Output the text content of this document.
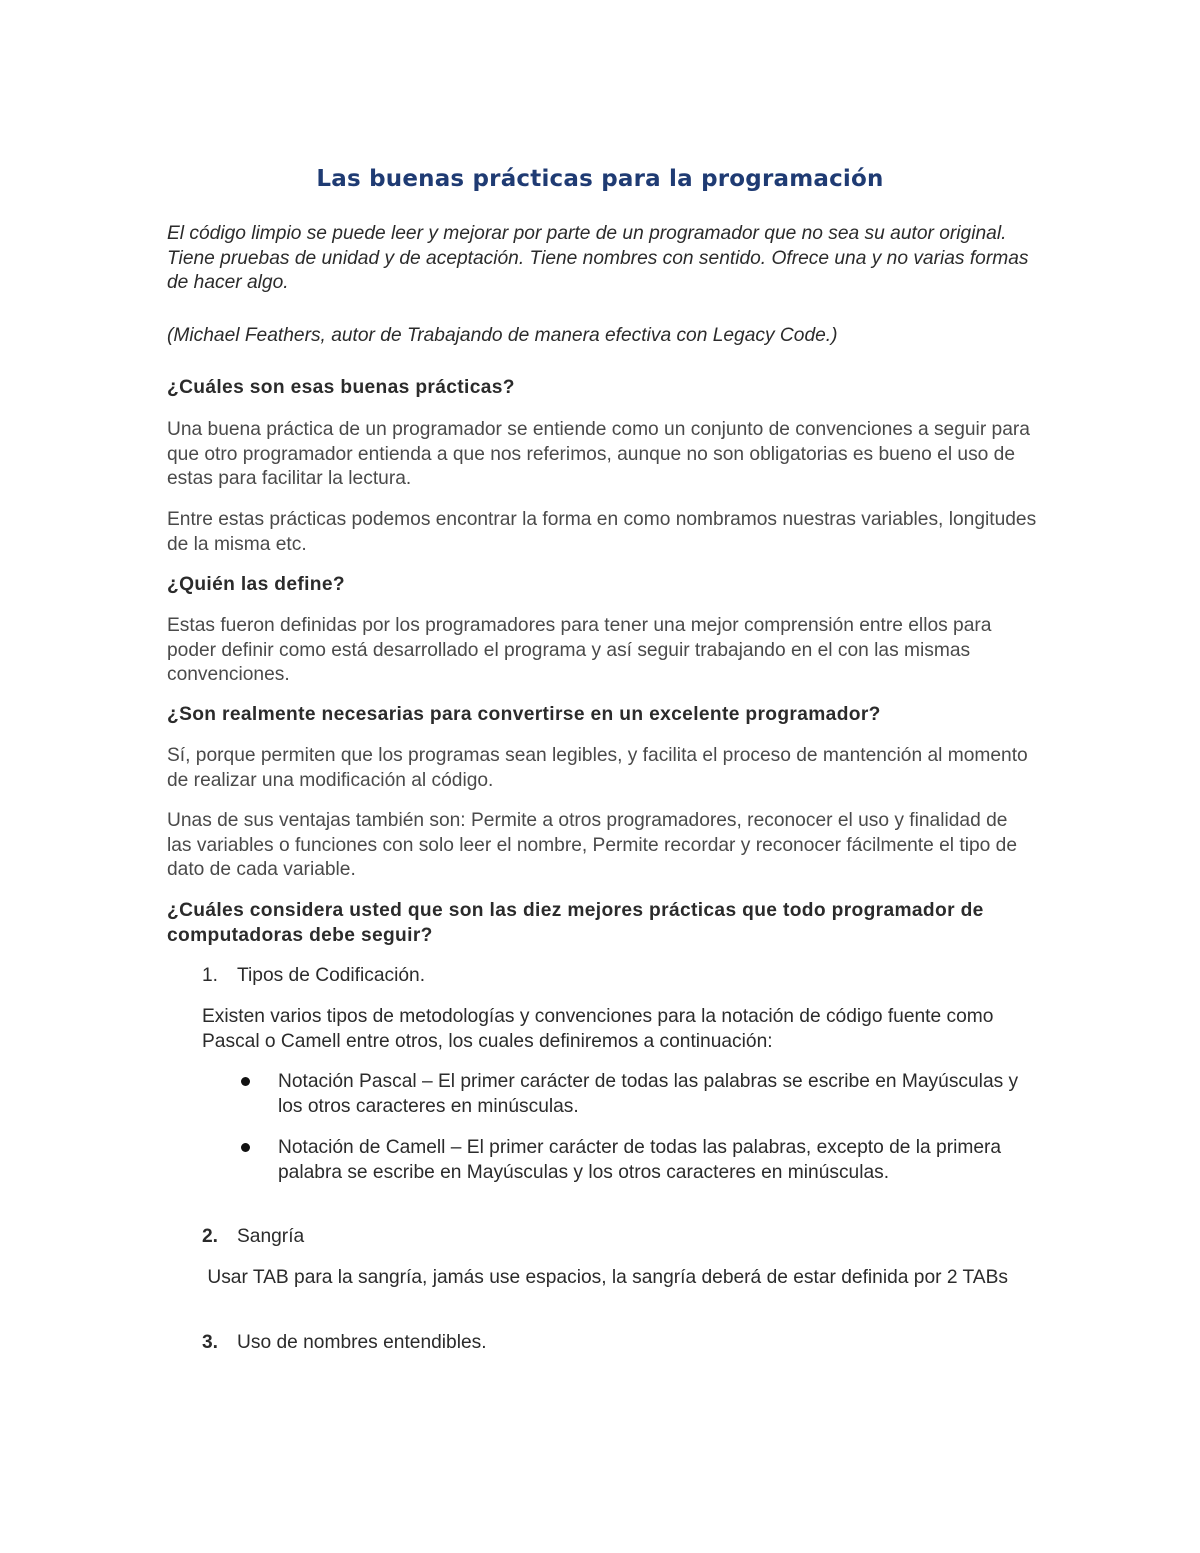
Las buenas prácticas para la programación

El código limpio se puede leer y mejorar por parte de un programador que no sea su autor original. Tiene pruebas de unidad y de aceptación. Tiene nombres con sentido. Ofrece una y no varias formas de hacer algo.

(Michael Feathers, autor de Trabajando de manera efectiva con Legacy Code.)

¿Cuáles son esas buenas prácticas?

Una buena práctica de un programador se entiende como un conjunto de convenciones a seguir para que otro programador entienda a que nos referimos, aunque no son obligatorias es bueno el uso de estas para facilitar la lectura.

Entre estas prácticas podemos encontrar la forma en como nombramos nuestras variables, longitudes de la misma etc.

¿Quién las define?

Estas fueron definidas por los programadores para tener una mejor comprensión entre ellos para poder definir como está desarrollado el programa y así seguir trabajando en el con las mismas convenciones.

¿Son realmente necesarias para convertirse en un excelente programador?

Sí, porque permiten que los programas sean legibles, y facilita el proceso de mantención al momento de realizar una modificación al código.

Unas de sus ventajas también son: Permite a otros programadores, reconocer el uso y finalidad de las variables o funciones con solo leer el nombre, Permite recordar y reconocer fácilmente el tipo de dato de cada variable.

¿Cuáles considera usted que son las diez mejores prácticas que todo programador de computadoras debe seguir?

1. Tipos de Codificación.

Existen varios tipos de metodologías y convenciones para la notación de código fuente como Pascal o Camell entre otros, los cuales definiremos a continuación:

Notación Pascal – El primer carácter de todas las palabras se escribe en Mayúsculas y los otros caracteres en minúsculas.

Notación de Camell – El primer carácter de todas las palabras, excepto de la primera palabra se escribe en Mayúsculas y los otros caracteres en minúsculas.

2. Sangría

Usar TAB para la sangría, jamás use espacios, la sangría deberá de estar definida por 2 TABs

3. Uso de nombres entendibles.
